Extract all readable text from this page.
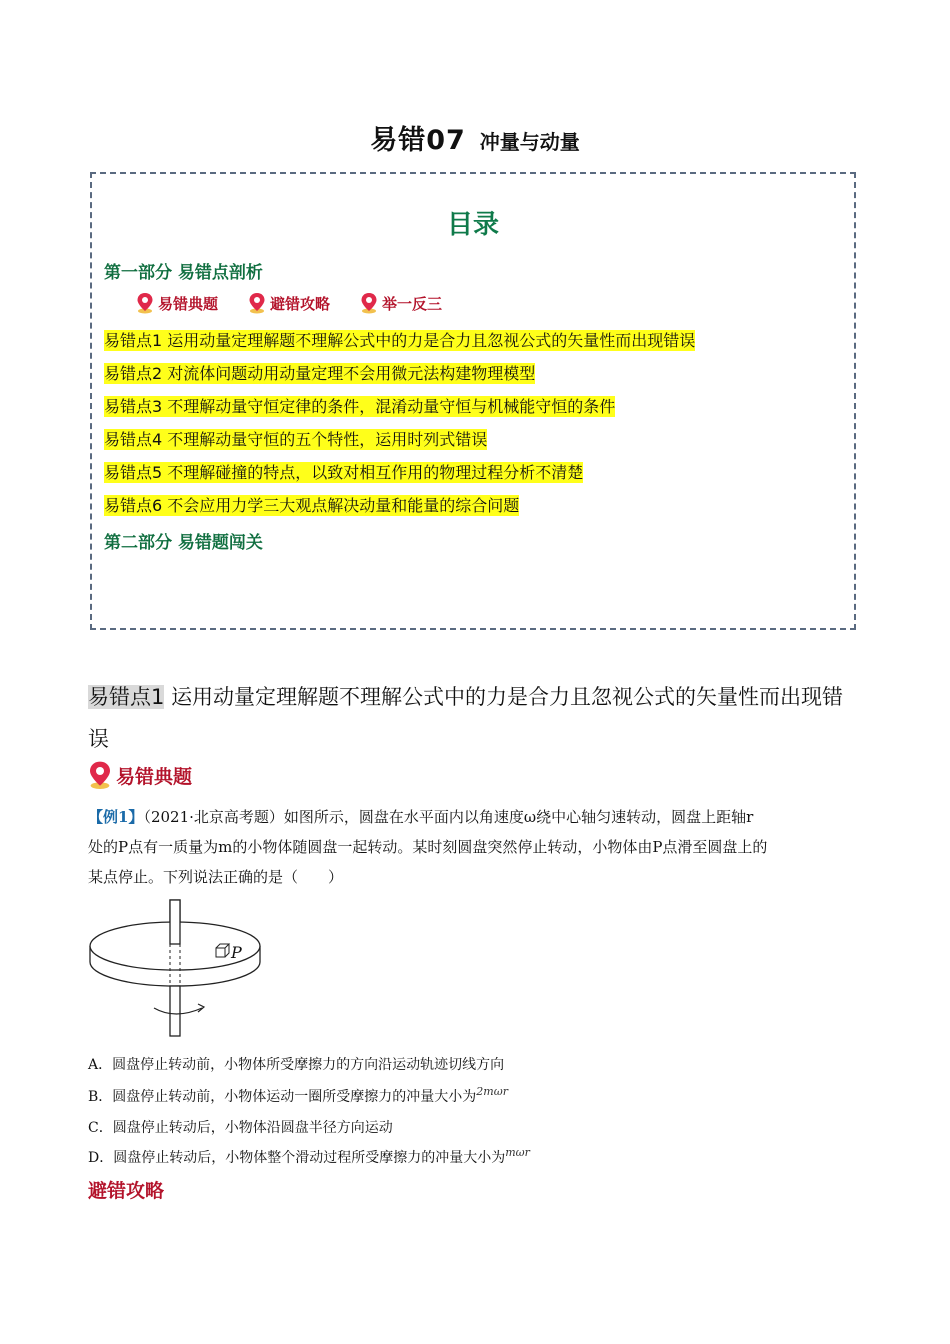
易错07 冲量与动量
目录
第一部分 易错点剖析
易错典题	避错攻略	举一反三
易错点1 运用动量定理解题不理解公式中的力是合力且忽视公式的矢量性而出现错误
易错点2 对流体问题动用动量定理不会用微元法构建物理模型
易错点3 不理解动量守恒定律的条件，混淆动量守恒与机械能守恒的条件
易错点4 不理解动量守恒的五个特性，运用时列式错误
易错点5 不理解碰撞的特点，以致对相互作用的物理过程分析不清楚
易错点6 不会应用力学三大观点解决动量和能量的综合问题
第二部分 易错题闯关
易错点1 运用动量定理解题不理解公式中的力是合力且忽视公式的矢量性而出现错误
易错典题
【例1】（2021·北京高考题）如图所示，圆盘在水平面内以角速度ω绕中心轴匀速转动，圆盘上距轴r
处的P点有一质量为m的小物体随圆盘一起转动。某时刻圆盘突然停止转动，小物体由P点滑至圆盘上的
某点停止。下列说法正确的是（　　）
P
A．圆盘停止转动前，小物体所受摩擦力的方向沿运动轨迹切线方向
B．圆盘停止转动前，小物体运动一圈所受摩擦力的冲量大小为$^{2m\omega r}$
C．圆盘停止转动后，小物体沿圆盘半径方向运动
D．圆盘停止转动后，小物体整个滑动过程所受摩擦力的冲量大小为$^{m\omega r}$
避错攻略
